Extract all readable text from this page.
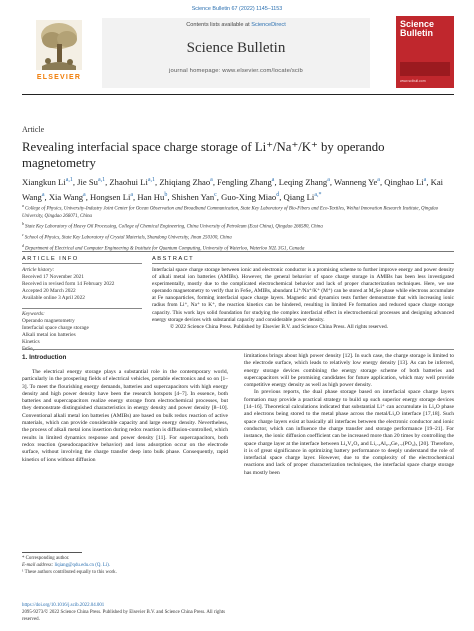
Science Bulletin 67 (2022) 1145–1153
ELSEVIER
Contents lists available at ScienceDirect
Science Bulletin
journal homepage: www.elsevier.com/locate/scib
Science Bulletin
www.scibull.com
Article
Revealing interfacial space charge storage of Li⁺/Na⁺/K⁺ by operando magnetometry
Xiangkun Li$^{a,1}$, Jie Su$^{a,1}$, Zhaohui Li$^{a,1}$, Zhiqiang Zhao$^a$, Fengling Zhang$^a$, Leqing Zhang$^a$, Wanneng Ye$^a$, Qinghao Li$^a$, Kai Wang$^a$, Xia Wang$^a$, Hongsen Li$^a$, Han Hu$^b$, Shishen Yan$^c$, Guo-Xing Miao$^d$, Qiang $Li^{a,*}$
$^a$ College of Physics, University-Industry Joint Center for Ocean Observation and Broadband Communication, State Key Laboratory of Bio-Fibers and Eco-Textiles, Weihai Innovation Research Institute, Qingdao University, Qingdao 266071, China
$^b$ State Key Laboratory of Heavy Oil Processing, College of Chemical Engineering, China University of Petroleum (East China), Qingdao 266580, China
$^c$ School of Physics, State Key Laboratory of Crystal Materials, Shandong University, Jinan 250100, China
$^d$ Department of Electrical and Computer Engineering & Institute for Quantum Computing, University of Waterloo, Waterloo N2L 3G1, Canada
ARTICLE INFO	ABSTRACT
Article history:
Received 17 November 2021
Received in revised form 14 February 2022
Accepted 20 March 2022
Available online 3 April 2022
Keywords:
Operando magnetometry
Interfacial space charge storage
Alkali metal ion batteries
Kinetics
FeSe₂
Interfacial space charge storage between ionic and electronic conductor is a promising scheme to further improve energy and power density of alkali metal ion batteries (AMIBs). However, the general behavior of space charge storage in AMIBs has been less investigated experimentally, mostly due to the complicated electrochemical behavior and lack of proper characterization techniques. Here, we use operando magnetometry to verify that in FeSe₂ AMIBs, abundant Li⁺/Na⁺/K⁺ (M⁺) can be stored at M₂Se phase while electrons accumulate at Fe nanoparticles, forming interfacial space charge layers. Magnetic and dynamics tests further demonstrate that with increasing ionic radius from Li⁺, Na⁺ to K⁺, the reaction kinetics can be hindered, resulting in limited Fe formation and reduced space charge storage capacity. This work lays solid foundation for studying the complex interfacial effect in electrochemical processes and designing advanced energy storage devices with substantial capacity and considerable power density.
© 2022 Science China Press. Published by Elsevier B.V. and Science China Press. All rights reserved.
1. Introduction
The electrical energy storage plays a substantial role in the contemporary world, particularly in the prospering fields of electrical vehicles, portable electronics and so on [1–3]. To meet the flourishing energy demands, batteries and supercapacitors with high energy density and high power density have been the research hotspots [4–7]. In essence, both batteries and supercapacitors realize energy storage from electrochemical processes, but they demonstrate distinguished characteristics in energy density and power density [8–10]. Conventional alkali metal ion batteries (AMIBs) are based on bulk redox reaction of active materials, which can provide considerable capacity and large energy density. Nevertheless, the process of alkali metal ions insertion during redox reaction is diffusion-controlled, which results in limited dynamics response and power density [11]. For supercapacitors, both redox reaction (pseudocapacitive behavior) and ions adsorption occur on the electrode surface, without involving the charge transfer deep into bulk phase. Consequently, rapid kinetics of ions without diffusion
limitations brings about high power density [12]. In such case, the charge storage is limited to the electrode surface, which leads to relatively low energy density [13]. As can be inferred, energy storage devices combining the energy storage scheme of both batteries and supercapacitors will be promising candidates for future application, which may well provide competitive energy density as well as high power density.
In previous reports, the dual phase storage based on interfacial space charge layers formation may provide a practical strategy to build up such superior energy storage devices [14–16]. Theoretical calculations indicated that substantial Li⁺ can accumulate in Li₂O phase and electrons being stored to the metal phase across the metal/Li₂O interface [17,18]. Such space charge layers exist at basically all interfaces between the electronic conductor and ionic conductor, which can influence the charge transfer and storage performance [19–21]. For instance, the ionic diffusion coefficient can be increased more than 20 times by controlling the space charge layer at the interface between Li₄V₂O₃ and Li₁.₃Al₀.₃Ge₁.₇(PO₄)₃ [20]. Therefore, it is of great significance in optimizing battery performance to deeply understand the role of interfacial space charge layer. However, due to the complexity of the electrochemical reactions and lack of proper characterization techniques, the interfacial space charge storage has mostly been
* Corresponding author.
E-mail address: liqiang@qdu.edu.cn (Q. Li).
¹ These authors contributed equally to this work.
https://doi.org/10.1016/j.scib.2022.04.001
2095-9273/© 2022 Science China Press. Published by Elsevier B.V. and Science China Press. All rights reserved.
